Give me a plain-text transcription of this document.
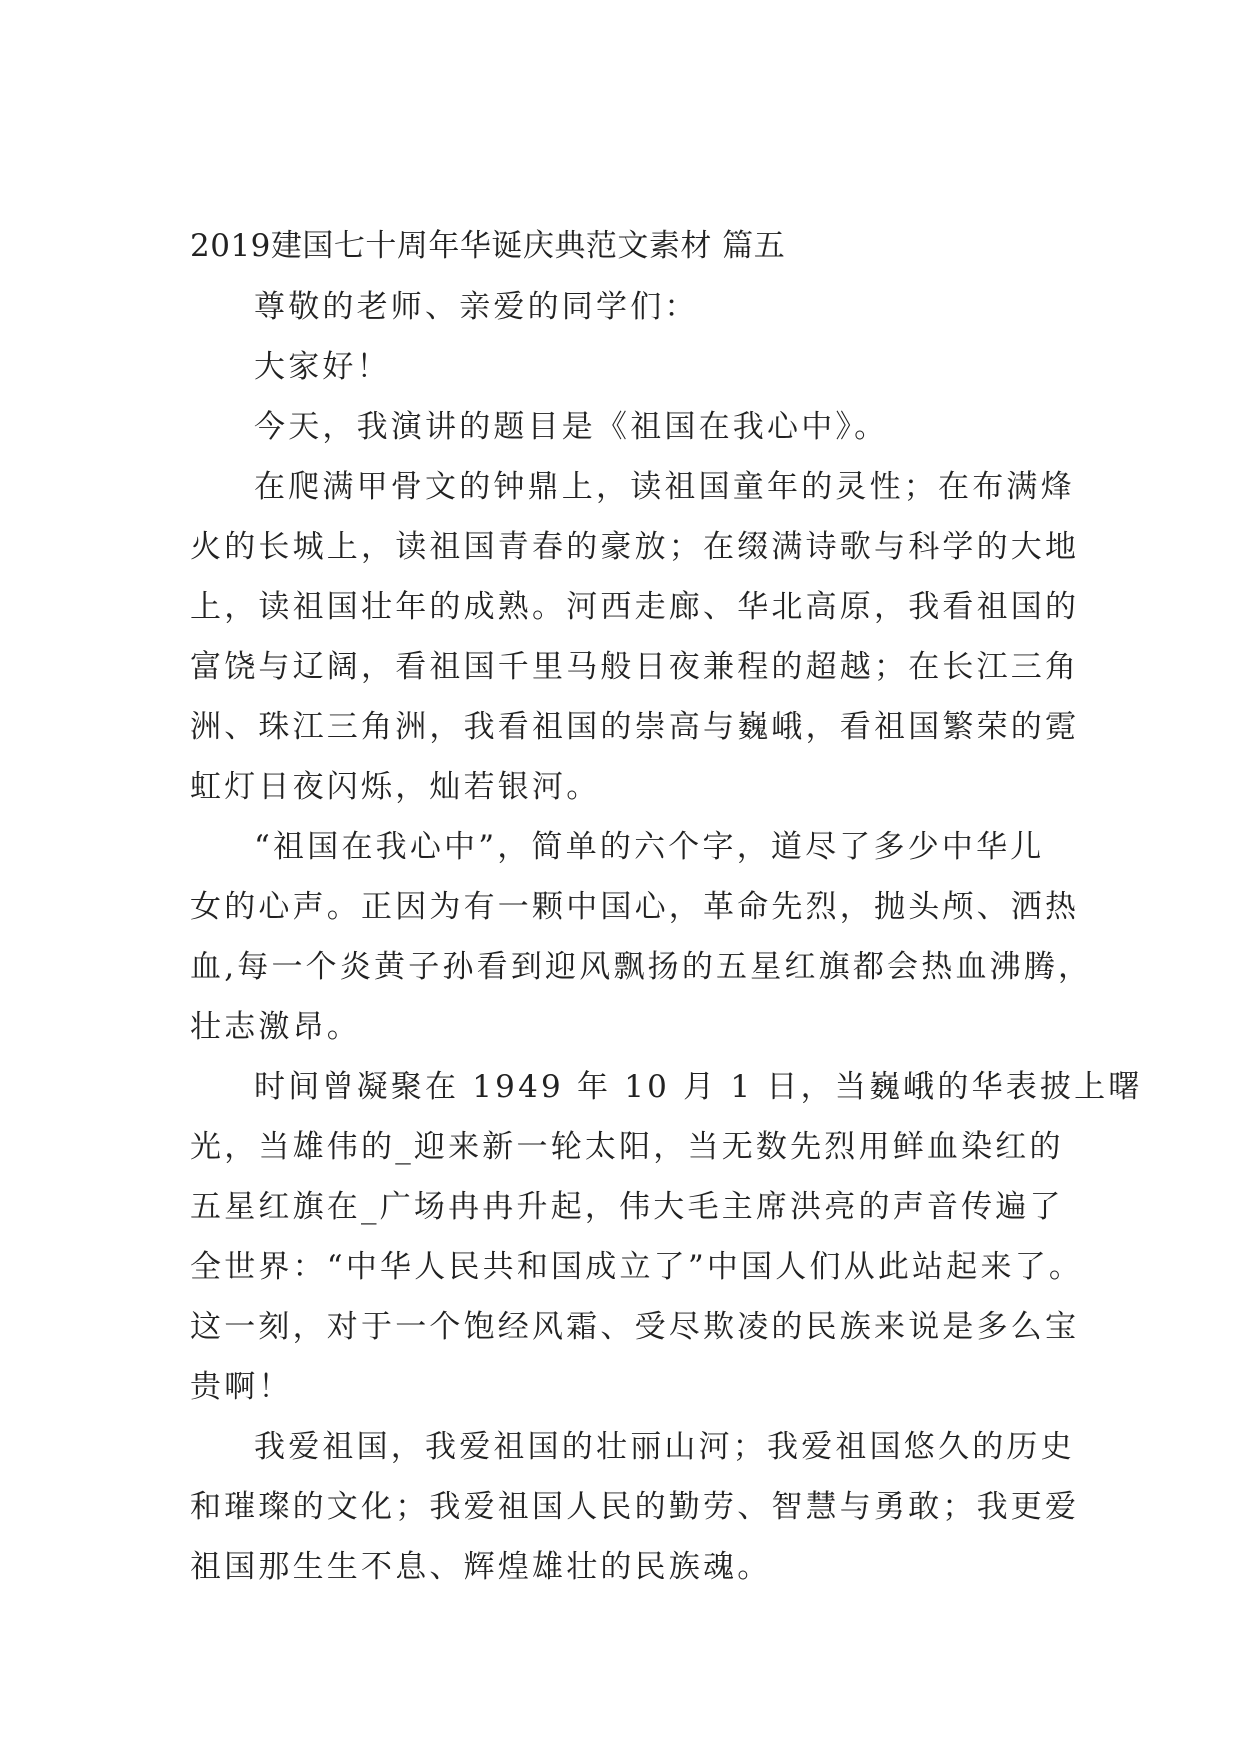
2019建国七十周年华诞庆典范文素材 篇五
尊敬的老师、亲爱的同学们：
大家好！
今天，我演讲的题目是《祖国在我心中》。
在爬满甲骨文的钟鼎上，读祖国童年的灵性；在布满烽
火的长城上，读祖国青春的豪放；在缀满诗歌与科学的大地
上，读祖国壮年的成熟。河西走廊、华北高原，我看祖国的
富饶与辽阔，看祖国千里马般日夜兼程的超越；在长江三角
洲、珠江三角洲，我看祖国的崇高与巍峨，看祖国繁荣的霓
虹灯日夜闪烁，灿若银河。
“祖国在我心中”，简单的六个字，道尽了多少中华儿
女的心声。正因为有一颗中国心，革命先烈，抛头颅、洒热
血,每一个炎黄子孙看到迎风飘扬的五星红旗都会热血沸腾，
壮志激昂。
时间曾凝聚在 1949 年 10 月 1 日，当巍峨的华表披上曙
光，当雄伟的_迎来新一轮太阳，当无数先烈用鲜血染红的
五星红旗在_广场冉冉升起，伟大毛主席洪亮的声音传遍了
全世界：“中华人民共和国成立了”中国人们从此站起来了。
这一刻，对于一个饱经风霜、受尽欺凌的民族来说是多么宝
贵啊！
我爱祖国，我爱祖国的壮丽山河；我爱祖国悠久的历史
和璀璨的文化；我爱祖国人民的勤劳、智慧与勇敢；我更爱
祖国那生生不息、辉煌雄壮的民族魂。
